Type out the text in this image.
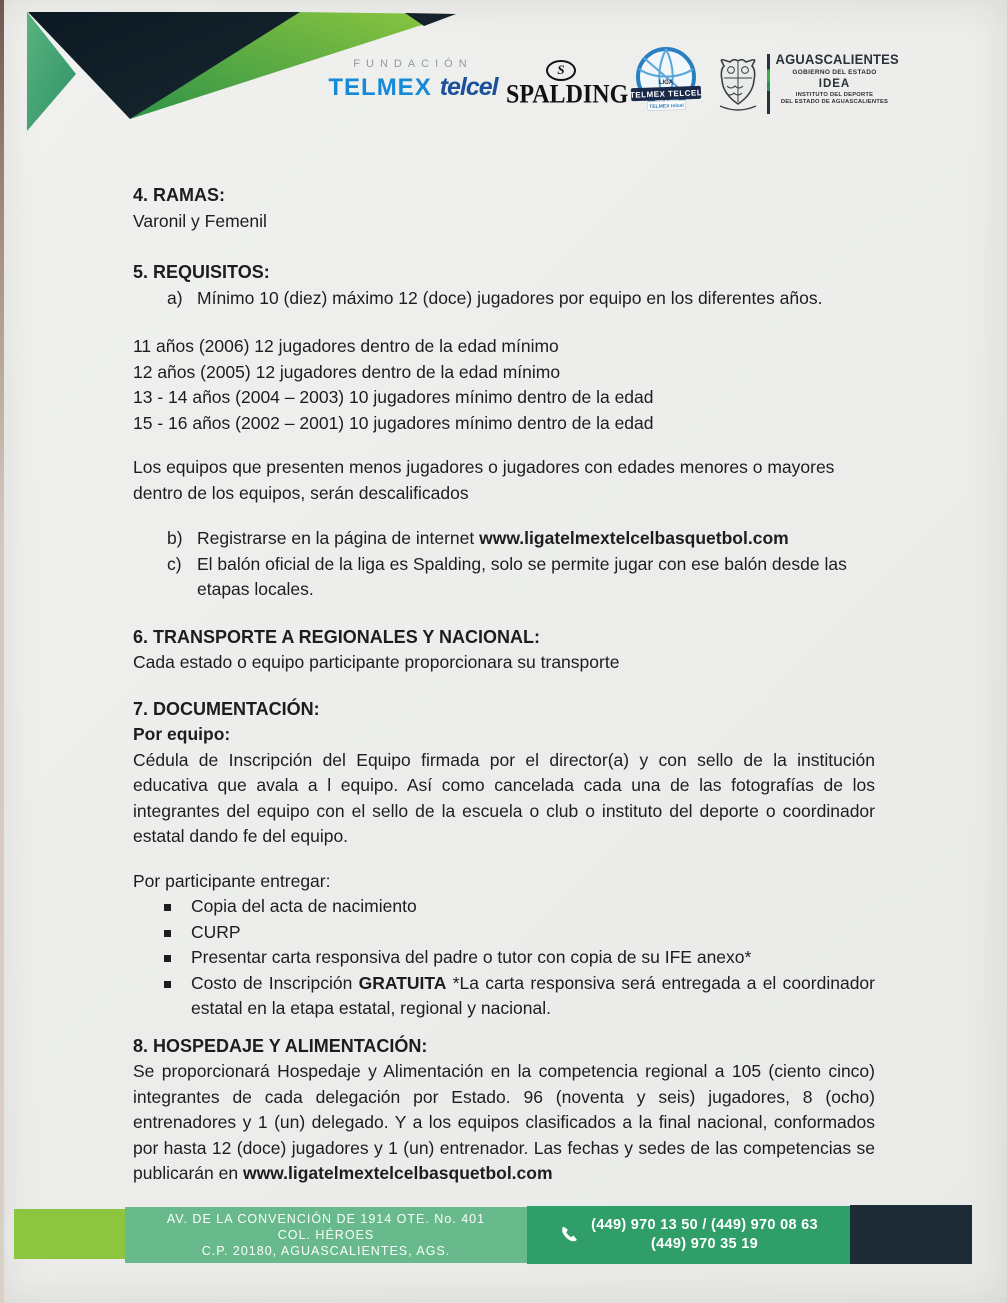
FUNDACIÓN
TELMEX telcel
S
SPALDING	LIGA
TELMEX TELCEL
TELMEX telcel
AGUASCALIENTES
GOBIERNO DEL ESTADO
IDEA
INSTITUTO DEL DEPORTE
DEL ESTADO DE AGUASCALIENTES
4. RAMAS:

Varonil y Femenil

5. REQUISITOS:
a) Mínimo 10 (diez) máximo 12 (doce) jugadores por equipo en los diferentes años.

11 años (2006) 12 jugadores dentro de la edad mínimo

12 años (2005) 12 jugadores dentro de la edad mínimo

13 - 14 años (2004 – 2003) 10 jugadores mínimo dentro de la edad

15 - 16 años (2002 – 2001) 10 jugadores mínimo dentro de la edad

Los equipos que presenten menos jugadores o jugadores con edades menores o mayores dentro de los equipos, serán descalificados

b) Registrarse en la página de internet www.ligatelmextelcelbasquetbol.com
c) El balón oficial de la liga es Spalding, solo se permite jugar con ese balón desde las etapas locales.
6. TRANSPORTE A REGIONALES Y NACIONAL:

Cada estado o equipo participante proporcionara su transporte

7. DOCUMENTACIÓN:

Por equipo:

Cédula de Inscripción del Equipo firmada por el director(a) y con sello de la institución educativa que avala a l equipo. Así como cancelada cada una de las fotografías de los integrantes del equipo con el sello de la escuela o club o instituto del deporte o coordinador estatal dando fe del equipo.

Por participante entregar:

Copia del acta de nacimiento
CURP
Presentar carta responsiva del padre o tutor con copia de su IFE anexo*
Costo de Inscripción GRATUITA *La carta responsiva será entregada a el coordinador estatal en la etapa estatal, regional y nacional.
8. HOSPEDAJE Y ALIMENTACIÓN:

Se proporcionará Hospedaje y Alimentación en la competencia regional a 105 (ciento cinco) integrantes de cada delegación por Estado. 96 (noventa y seis) jugadores, 8 (ocho) entrenadores y 1 (un) delegado. Y a los equipos clasificados a la final nacional, conformados por hasta 12 (doce) jugadores y 1 (un) entrenador. Las fechas y sedes de las competencias se publicarán en www.ligatelmextelcelbasquetbol.com

AV. DE LA CONVENCIÓN DE 1914 OTE. No. 401
COL. HÉROES
C.P. 20180, AGUASCALIENTES, AGS.
(449) 970 13 50 / (449) 970 08 63
(449) 970 35 19
